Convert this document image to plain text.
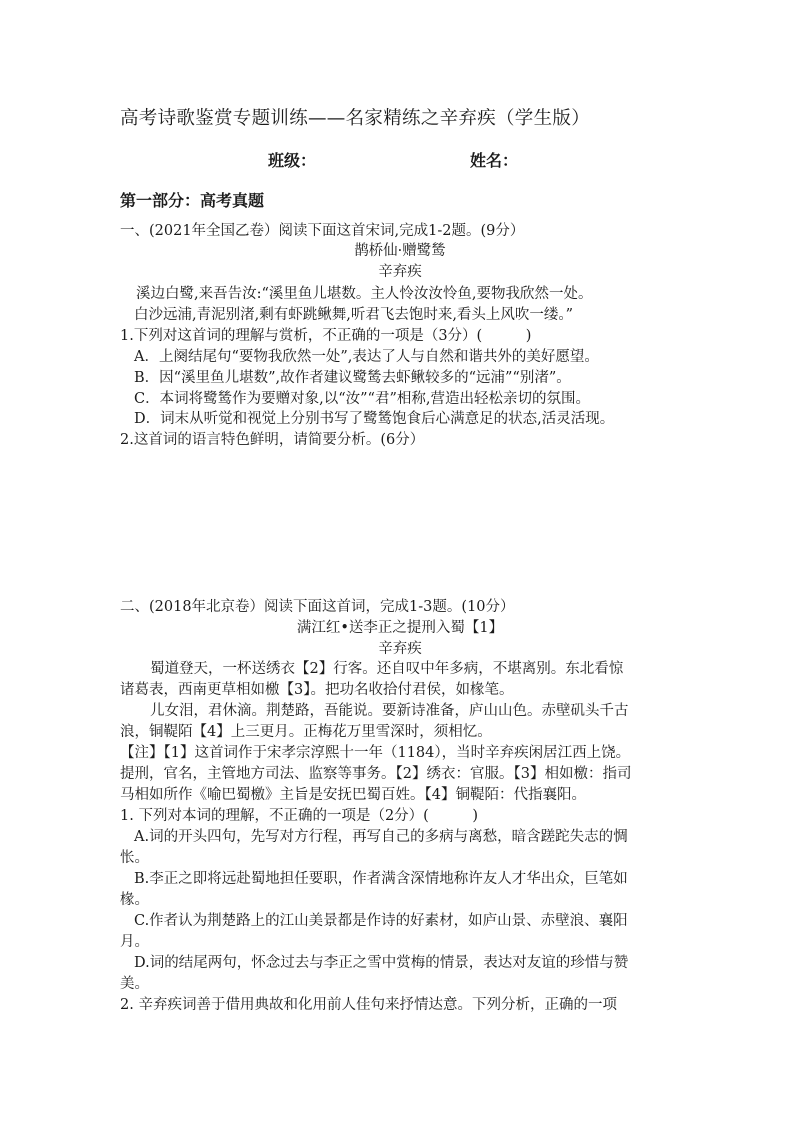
高考诗歌鉴赏专题训练——名家精练之辛弃疾（学生版）
班级：	姓名：
第一部分：高考真题
一、(2021年全国乙卷）阅读下面这首宋词,完成1-2题。(9分）
鹊桥仙·赠鹭鸶
辛弃疾
溪边白鹭,来吾告汝:“溪里鱼儿堪数。主人怜汝汝怜鱼,要物我欣然一处。
白沙远浦,青泥别渚,剩有虾跳鳅舞,听君飞去饱时来,看头上风吹一缕。”
1.下列对这首词的理解与赏析，不正确的一项是（3分）(　　　)
A．上阕结尾句“要物我欣然一处”,表达了人与自然和谐共外的美好愿望。
B．因“溪里鱼儿堪数”,故作者建议鹭鸶去虾鳅较多的“远浦”“别渚”。
C．本词将鹭鸶作为要赠对象,以“汝”“君”相称,营造出轻松亲切的氛围。
D．词末从听觉和视觉上分别书写了鹭鸶饱食后心满意足的状态,活灵活现。
2.这首词的语言特色鲜明，请简要分析。(6分）
二、(2018年北京卷）阅读下面这首词，完成1-3题。(10分）
满江红•送李正之提刑入蜀【1】
辛弃疾
蜀道登天，一杯送绣衣【2】行客。还自叹中年多病，不堪离别。东北看惊
诸葛表，西南更草相如檄【3】。把功名收拾付君侯，如椽笔。
儿女泪，君休滴。荆楚路，吾能说。要新诗准备，庐山山色。赤壁矶头千古
浪，铜鞮陌【4】上三更月。正梅花万里雪深时，须相忆。
【注】【1】这首词作于宋孝宗淳熙十一年（1184），当时辛弃疾闲居江西上饶。
提刑，官名，主管地方司法、监察等事务。【2】绣衣：官服。【3】相如檄：指司
马相如所作《喻巴蜀檄》主旨是安抚巴蜀百姓。【4】铜鞮陌：代指襄阳。
1. 下列对本词的理解，不正确的一项是（2分）(　　　)
A.词的开头四句，先写对方行程，再写自己的多病与离愁，暗含蹉跎失志的惆
怅。
B.李正之即将远赴蜀地担任要职，作者满含深情地称许友人才华出众，巨笔如
椽。
C.作者认为荆楚路上的江山美景都是作诗的好素材，如庐山景、赤壁浪、襄阳
月。
D.词的结尾两句，怀念过去与李正之雪中赏梅的情景，表达对友谊的珍惜与赞
美。
2. 辛弃疾词善于借用典故和化用前人佳句来抒情达意。下列分析，正确的一项
